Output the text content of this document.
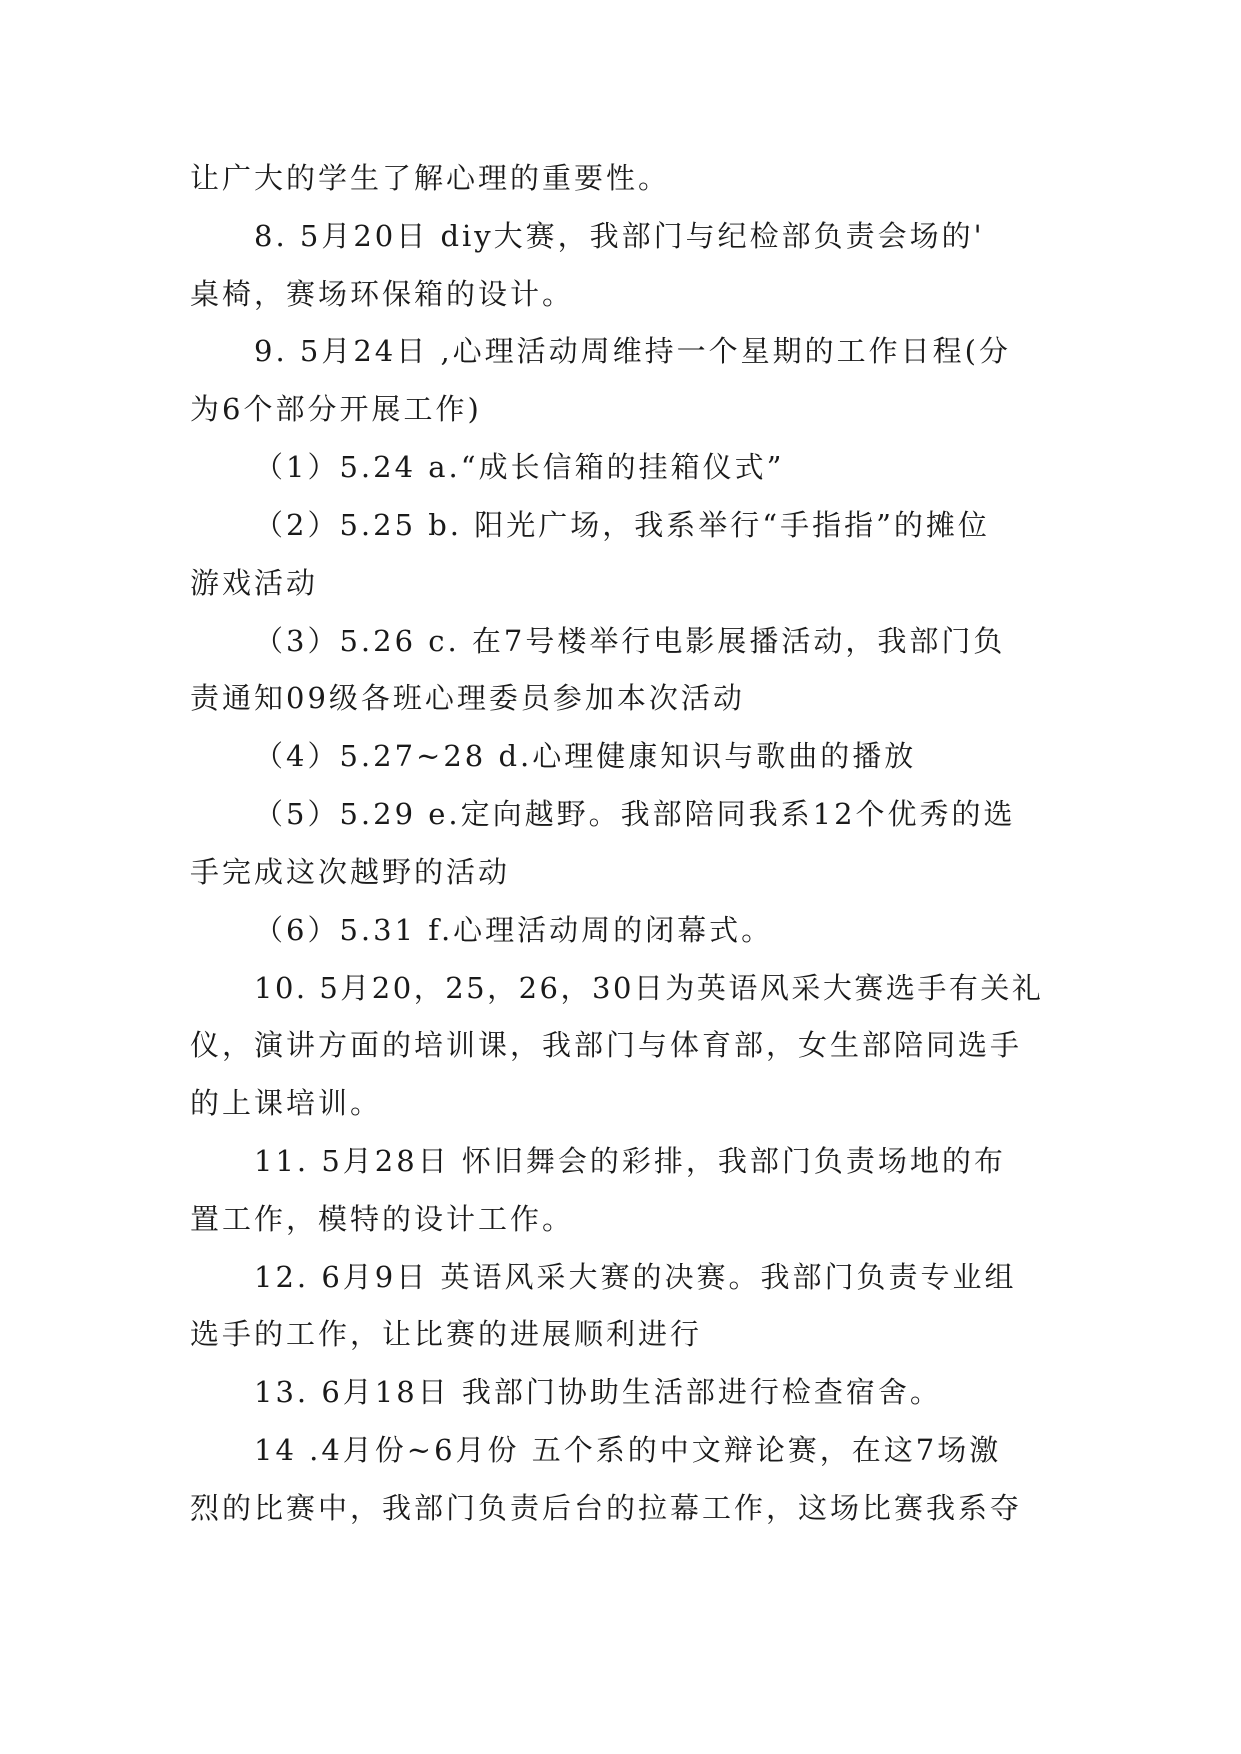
让广大的学生了解心理的重要性。

8. 5月20日 diy大赛，我部门与纪检部负责会场的'

桌椅，赛场环保箱的设计。

9. 5月24日 ,心理活动周维持一个星期的工作日程(分

为6个部分开展工作)

（1）5.24 a.“成长信箱的挂箱仪式”

（2）5.25 b. 阳光广场，我系举行“手指指”的摊位

游戏活动

（3）5.26 c. 在7号楼举行电影展播活动，我部门负

责通知09级各班心理委员参加本次活动

（4）5.27~28 d.心理健康知识与歌曲的播放

（5）5.29 e.定向越野。我部陪同我系12个优秀的选

手完成这次越野的活动

（6）5.31 f.心理活动周的闭幕式。

10. 5月20，25，26，30日为英语风采大赛选手有关礼

仪，演讲方面的培训课，我部门与体育部，女生部陪同选手

的上课培训。

11. 5月28日 怀旧舞会的彩排，我部门负责场地的布

置工作，模特的设计工作。

12. 6月9日 英语风采大赛的决赛。我部门负责专业组

选手的工作，让比赛的进展顺利进行

13. 6月18日 我部门协助生活部进行检查宿舍。

14 .4月份~6月份 五个系的中文辩论赛，在这7场激

烈的比赛中，我部门负责后台的拉幕工作，这场比赛我系夺
